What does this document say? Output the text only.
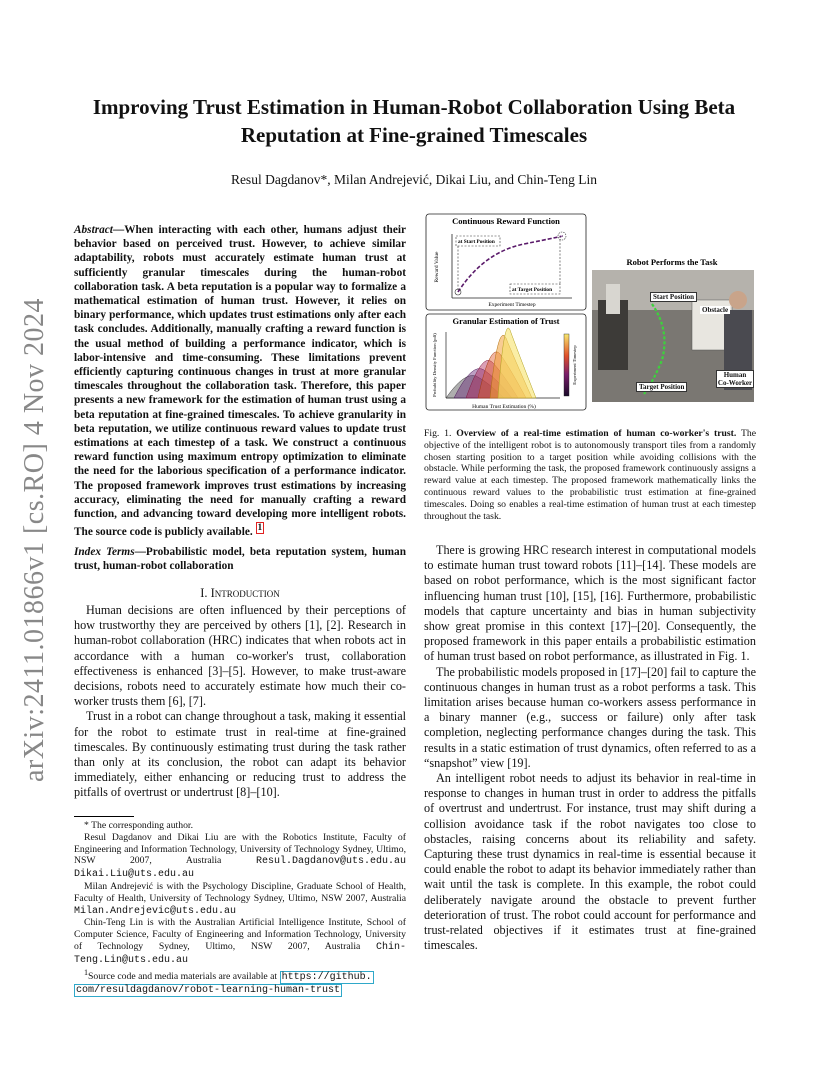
arXiv:2411.01866v1 [cs.RO] 4 Nov 2024
Improving Trust Estimation in Human-Robot Collaboration Using Beta Reputation at Fine-grained Timescales
Resul Dagdanov*, Milan Andrejević, Dikai Liu, and Chin-Teng Lin
Abstract—When interacting with each other, humans adjust their behavior based on perceived trust. However, to achieve similar adaptability, robots must accurately estimate human trust at sufficiently granular timescales during the human-robot collaboration task. A beta reputation is a popular way to formalize a mathematical estimation of human trust. However, it relies on binary performance, which updates trust estimations only after each task concludes. Additionally, manually crafting a reward function is the usual method of building a performance indicator, which is labor-intensive and time-consuming. These limitations prevent efficiently capturing continuous changes in trust at more granular timescales throughout the collaboration task. Therefore, this paper presents a new framework for the estimation of human trust using a beta reputation at fine-grained timescales. To achieve granularity in beta reputation, we utilize continuous reward values to update trust estimations at each timestep of a task. We construct a continuous reward function using maximum entropy optimization to eliminate the need for the laborious specification of a performance indicator. The proposed framework improves trust estimations by increasing accuracy, eliminating the need for manually crafting a reward function, and advancing toward developing more intelligent robots. The source code is publicly available. $^1$
Index Terms—Probabilistic model, beta reputation system, human trust, human-robot collaboration
I. Introduction

Human decisions are often influenced by their perceptions of how trustworthy they are perceived by others [1], [2]. Research in human-robot collaboration (HRC) indicates that when robots act in accordance with a human co-worker's trust, collaboration effectiveness is enhanced [3]–[5]. However, to make trust-aware decisions, robots need to accurately estimate how much their co-worker trusts them [6], [7].

Trust in a robot can change throughout a task, making it essential for the robot to estimate trust in real-time at fine-grained timescales. By continuously estimating trust during the task rather than only at its conclusion, the robot can adapt its behavior immediately, either enhancing or reducing trust to address the pitfalls of overtrust or undertrust [8]–[10].

* The corresponding author.

Resul Dagdanov and Dikai Liu are with the Robotics Institute, Faculty of Engineering and Information Technology, University of Technology Sydney, Ultimo, NSW 2007, Australia	Resul.Dagdanov@uts.edu.au Dikai.Liu@uts.edu.au

Milan Andrejević is with the Psychology Discipline, Graduate School of Health, Faculty of Health, University of Technology Sydney, Ultimo, NSW 2007, Australia Milan.Andrejevic@uts.edu.au

Chin-Teng Lin is with the Australian Artificial Intelligence Institute, School of Computer Science, Faculty of Engineering and Information Technology, University of Technology Sydney, Ultimo, NSW 2007, Australia Chin-Teng.Lin@uts.edu.au

$^1$Source code and media materials are available at https://github.
com/resuldagdanov/robot-learning-human-trust

Continuous Reward Function
Reward Value
Experiment Timestep
at Start Position
at Target Position
Granular Estimation of Trust
Probability Density Function (pdf)
Human Trust Estimation (%)
Experiment Timestep
Robot Performs the Task
Start Position
Obstacle
Target Position
Human
Co-Worker
Fig. 1. Overview of a real-time estimation of human co-worker's trust. The objective of the intelligent robot is to autonomously transport tiles from a randomly chosen starting position to a target position while avoiding collisions with the obstacle. While performing the task, the proposed framework continuously assigns a reward value at each timestep. The proposed framework mathematically links the continuous reward values to the probabilistic trust estimation at fine-grained timescales. Doing so enables a real-time estimation of human trust at each timestep throughout the task.

There is growing HRC research interest in computational models to estimate human trust toward robots [11]–[14]. These models are based on robot performance, which is the most significant factor influencing human trust [10], [15], [16]. Furthermore, probabilistic models that capture uncertainty and bias in human subjectivity show great promise in this context [17]–[20]. Consequently, the proposed framework in this paper entails a probabilistic estimation of human trust based on robot performance, as illustrated in Fig. 1.

The probabilistic models proposed in [17]–[20] fail to capture the continuous changes in human trust as a robot performs a task. This limitation arises because human co-workers assess performance in a binary manner (e.g., success or failure) only after task completion, neglecting performance changes during the task. This results in a static estimation of trust dynamics, often referred to as a “snapshot” view [19].

An intelligent robot needs to adjust its behavior in real-time in response to changes in human trust in order to address the pitfalls of overtrust and undertrust. For instance, trust may shift during a collision avoidance task if the robot navigates too close to obstacles, raising concerns about its reliability and safety. Capturing these trust dynamics in real-time is essential because it could enable the robot to adapt its behavior immediately rather than wait until the task is complete. In this example, the robot could deliberately navigate around the obstacle to prevent further deterioration of trust. The robot could account for performance and trust-related objectives if it estimates trust at fine-grained timescales.
